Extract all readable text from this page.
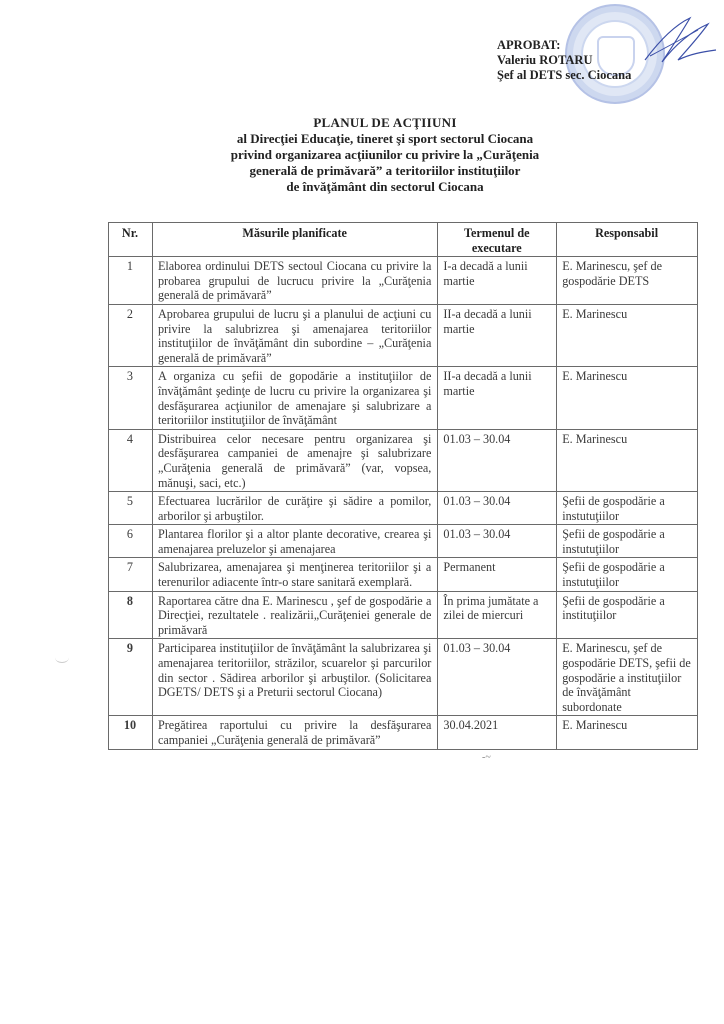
APROBAT:
Valeriu ROTARU
Şef al DETS sec. Ciocana
PLANUL DE ACŢIIUNI
al Direcţiei Educaţie, tineret şi sport sectorul Ciocana
privind organizarea acţiiunilor cu privire la „Curăţenia
generală de primăvară” a teritoriilor instituţiilor
de învăţământ din sectorul Ciocana
Nr.	Măsurile planificate	Termenul de executare	Responsabil
1	Elaborea ordinului DETS sectoul Ciocana cu privire la probarea grupului de lucrucu privire la „Curăţenia generală de primăvară”	I-a decadă a lunii martie	E. Marinescu, şef de gospodărie DETS
2	Aprobarea grupului de lucru şi a planului de acţiuni cu privire la salubrizrea şi amenajarea teritoriilor instituţiilor de învăţământ din subordine – „Curăţenia generală de primăvară”	II-a decadă a lunii martie	E. Marinescu
3	A organiza cu şefii de gopodărie a instituţiilor de învăţământ şedinţe de lucru cu privire la organizarea şi desfăşurarea acţiunilor de amenajare şi salubrizare a teritoriilor instituţiilor de învăţământ	II-a decadă a lunii martie	E. Marinescu
4	Distribuirea celor necesare pentru organizarea şi desfăşurarea campaniei de amenajre şi salubrizare „Curăţenia generală de primăvară” (var, vopsea, mănuşi, saci, etc.)	01.03 – 30.04	E. Marinescu
5	Efectuarea lucrărilor de curăţire şi sădire a pomilor, arborilor şi arbuştilor.	01.03 – 30.04	Şefii de gospodărie a instutuţiilor
6	Plantarea florilor şi a altor plante decorative, crearea şi amenajarea preluzelor şi amenajarea	01.03 – 30.04	Şefii de gospodărie a instutuţiilor
7	Salubrizarea, amenajarea şi menţinerea teritoriilor şi a terenurilor adiacente într-o stare sanitară exemplară.	Permanent	Şefii de gospodărie a instutuţiilor
8	Raportarea către dna E. Marinescu , şef de gospodărie a Direcţiei, rezultatele . realizării„Curăţeniei generale de primăvară	În prima jumătate a zilei de miercuri	Şefii de gospodărie a instituţiilor
9	Participarea instituţiilor de învăţământ la salubrizarea şi amenajarea teritoriilor, străzilor, scuarelor şi parcurilor din sector . Sădirea arborilor şi arbuştilor. (Solicitarea DGETS/ DETS şi a Preturii sectorul Ciocana)	01.03 – 30.04	E. Marinescu, şef de gospodărie DETS, şefii de gospodărie a instituţiilor de învăţământ subordonate
10	Pregătirea raportului cu privire la desfăşurarea campaniei „Curăţenia generală de primăvară”	30.04.2021	E. Marinescu
-~
